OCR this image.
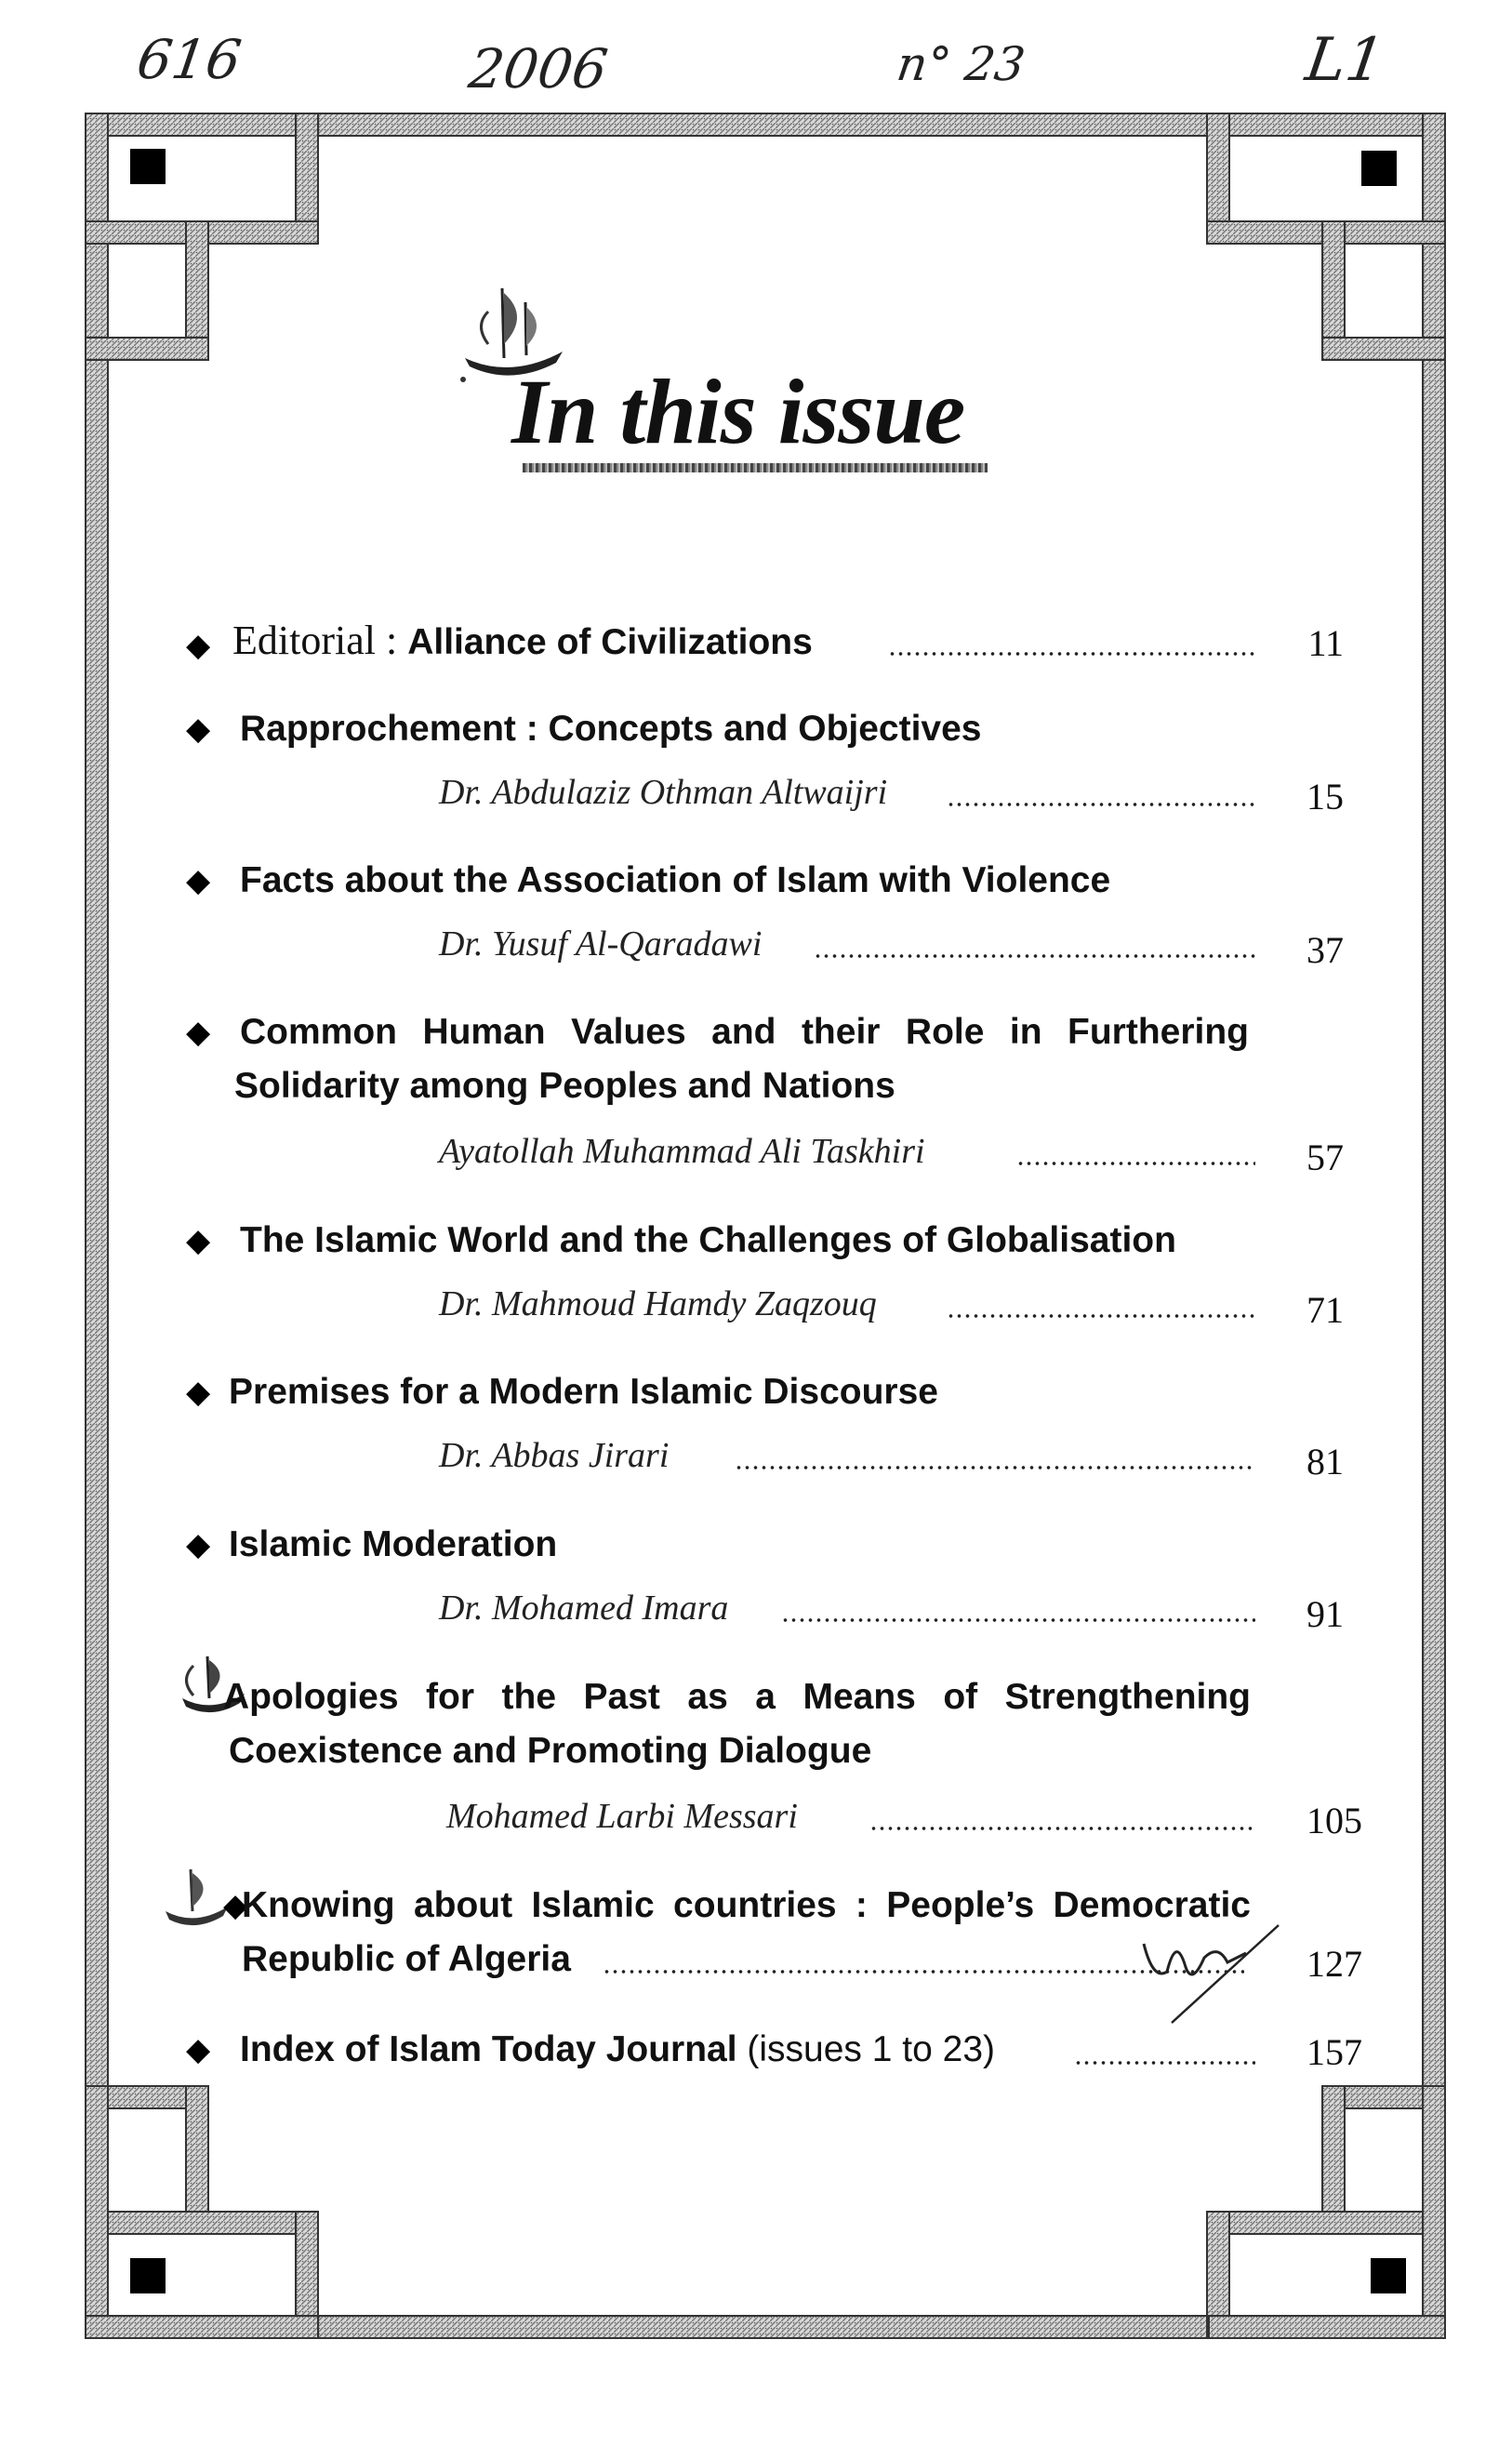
616	2006	n° 23	L1
In this issue
◆ Editorial : Alliance of Civilizations	11
◆ Rapprochement : Concepts and Objectives
Dr. Abdulaziz Othman Altwaijri	15
◆ Facts about the Association of Islam with Violence
Dr. Yusuf Al-Qaradawi	37
◆ Common Human Values and their Role in Furthering
Solidarity among Peoples and Nations
Ayatollah Muhammad Ali Taskhiri	57
◆ The Islamic World and the Challenges of Globalisation
Dr. Mahmoud Hamdy Zaqzouq	71
◆ Premises for a Modern Islamic Discourse
Dr. Abbas Jirari	81
◆ Islamic Moderation
Dr. Mohamed Imara	91
Apologies for the Past as a Means of Strengthening
Coexistence and Promoting Dialogue
Mohamed Larbi Messari	105
◆
Knowing about Islamic countries : People’s Democratic
Republic of Algeria	127
◆ Index of Islam Today Journal (issues 1 to 23)	157
